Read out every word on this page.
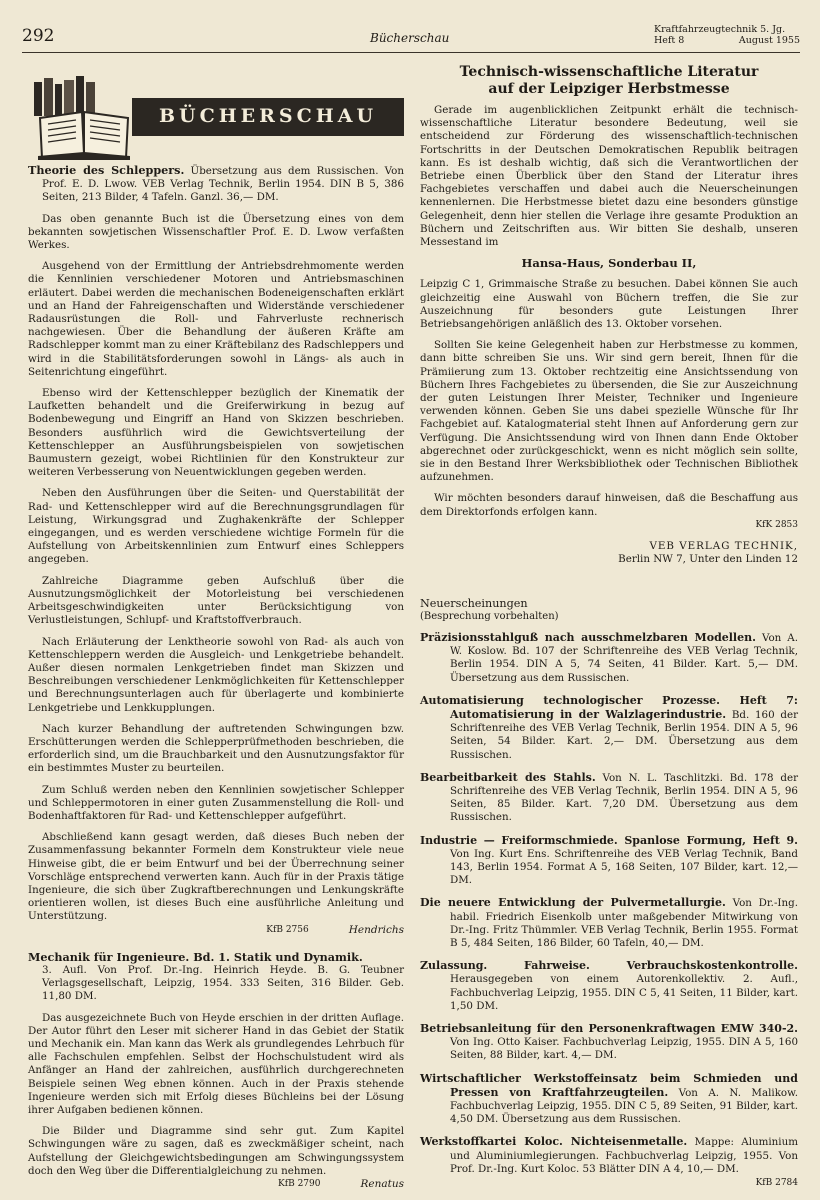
292	Bücherschau
Kraftfahrzeugtechnik 5. Jg.
Heft 8	August 1955
BÜCHERSCHAU

Theorie des Schleppers. Übersetzung aus dem Russischen. Von Prof. E. D. Lwow. VEB Verlag Technik, Berlin 1954. DIN B 5, 386 Seiten, 213 Bilder, 4 Tafeln. Ganzl. 36,— DM.

Das oben genannte Buch ist die Übersetzung eines von dem bekannten sowjetischen Wissenschaftler Prof. E. D. Lwow verfaßten Werkes.

Ausgehend von der Ermittlung der Antriebsdrehmomente werden die Kennlinien verschiedener Motoren und Antriebsmaschinen erläutert. Dabei werden die mechanischen Bodeneigenschaften erklärt und an Hand der Fahreigenschaften und Widerstände verschiedener Radausrüstungen die Roll- und Fahrverluste rechnerisch nachgewiesen. Über die Behandlung der äußeren Kräfte am Radschlepper kommt man zu einer Kräftebilanz des Radschleppers und wird in die Stabilitätsforderungen sowohl in Längs- als auch in Seitenrichtung eingeführt.

Ebenso wird der Kettenschlepper bezüglich der Kinematik der Laufketten behandelt und die Greiferwirkung in bezug auf Bodenbewegung und Eingriff an Hand von Skizzen beschrieben. Besonders ausführlich wird die Gewichtsverteilung der Kettenschlepper an Ausführungsbeispielen von sowjetischen Baumustern gezeigt, wobei Richtlinien für den Konstrukteur zur weiteren Verbesserung von Neuentwicklungen gegeben werden.

Neben den Ausführungen über die Seiten- und Querstabilität der Rad- und Kettenschlepper wird auf die Berechnungsgrundlagen für Leistung, Wirkungsgrad und Zughakenkräfte der Schlepper eingegangen, und es werden verschiedene wichtige Formeln für die Aufstellung von Arbeitskennlinien zum Entwurf eines Schleppers angegeben.

Zahlreiche Diagramme geben Aufschluß über die Ausnutzungsmöglichkeit der Motorleistung bei verschiedenen Arbeitsgeschwindigkeiten unter Berücksichtigung von Verlustleistungen, Schlupf- und Kraftstoffverbrauch.

Nach Erläuterung der Lenktheorie sowohl von Rad- als auch von Kettenschleppern werden die Ausgleich- und Lenkgetriebe behandelt. Außer diesen normalen Lenkgetrieben findet man Skizzen und Beschreibungen verschiedener Lenkmöglichkeiten für Kettenschlepper und Berechnungsunterlagen auch für überlagerte und kombinierte Lenkgetriebe und Lenkkupplungen.

Nach kurzer Behandlung der auftretenden Schwingungen bzw. Erschütterungen werden die Schlepperprüfmethoden beschrieben, die erforderlich sind, um die Brauchbarkeit und den Ausnutzungsfaktor für ein bestimmtes Muster zu beurteilen.

Zum Schluß werden neben den Kennlinien sowjetischer Schlepper und Schleppermotoren in einer guten Zusammenstellung die Roll- und Bodenhaftfaktoren für Rad- und Kettenschlepper aufgeführt.

Abschließend kann gesagt werden, daß dieses Buch neben der Zusammenfassung bekannter Formeln dem Konstrukteur viele neue Hinweise gibt, die er beim Entwurf und bei der Überrechnung seiner Vorschläge entsprechend verwerten kann. Auch für in der Praxis tätige Ingenieure, die sich über Zugkraftberechnungen und Lenkungskräfte orientieren wollen, ist dieses Buch eine ausführliche Anleitung und Unterstützung.

KfB 2756	Hendrichs

Mechanik für Ingenieure. Bd. 1. Statik und Dynamik.

3. Aufl. Von Prof. Dr.-Ing. Heinrich Heyde. B. G. Teubner Verlagsgesellschaft, Leipzig, 1954. 333 Seiten, 316 Bilder. Geb. 11,80 DM.

Das ausgezeichnete Buch von Heyde erschien in der dritten Auflage. Der Autor führt den Leser mit sicherer Hand in das Gebiet der Statik und Mechanik ein. Man kann das Werk als grundlegendes Lehrbuch für alle Fachschulen empfehlen. Selbst der Hochschulstudent wird als Anfänger an Hand der zahlreichen, ausführlich durchgerechneten Beispiele seinen Weg ebnen können. Auch in der Praxis stehende Ingenieure werden sich mit Erfolg dieses Büchleins bei der Lösung ihrer Aufgaben bedienen können.

Die Bilder und Diagramme sind sehr gut. Zum Kapitel Schwingungen wäre zu sagen, daß es zweckmäßiger scheint, nach Aufstellung der Gleichgewichtsbedingungen am Schwingungssystem doch den Weg über die Differentialgleichung zu nehmen.

KfB 2790	Renatus
Technisch-wissenschaftliche Literatur
auf der Leipziger Herbstmesse

Gerade im augenblicklichen Zeitpunkt erhält die technisch-wissenschaftliche Literatur besondere Bedeutung, weil sie entscheidend zur Förderung des wissenschaftlich-technischen Fortschritts in der Deutschen Demokratischen Republik beitragen kann. Es ist deshalb wichtig, daß sich die Verantwortlichen der Betriebe einen Überblick über den Stand der Literatur ihres Fachgebietes verschaffen und dabei auch die Neuerscheinungen kennenlernen. Die Herbstmesse bietet dazu eine besonders günstige Gelegenheit, denn hier stellen die Verlage ihre gesamte Produktion an Büchern und Zeitschriften aus. Wir bitten Sie deshalb, unseren Messestand im

Hansa-Haus, Sonderbau II,

Leipzig C 1, Grimmaische Straße zu besuchen. Dabei können Sie auch gleichzeitig eine Auswahl von Büchern treffen, die Sie zur Auszeichnung für besonders gute Leistungen Ihrer Betriebsangehörigen anläßlich des 13. Oktober vorsehen.

Sollten Sie keine Gelegenheit haben zur Herbstmesse zu kommen, dann bitte schreiben Sie uns. Wir sind gern bereit, Ihnen für die Prämiierung zum 13. Oktober rechtzeitig eine Ansichtssendung von Büchern Ihres Fachgebietes zu übersenden, die Sie zur Auszeichnung der guten Leistungen Ihrer Meister, Techniker und Ingenieure verwenden können. Geben Sie uns dabei spezielle Wünsche für Ihr Fachgebiet auf. Katalogmaterial steht Ihnen auf Anforderung gern zur Verfügung. Die Ansichtssendung wird von Ihnen dann Ende Oktober abgerechnet oder zurückgeschickt, wenn es nicht möglich sein sollte, sie in den Bestand Ihrer Werksbibliothek oder Technischen Bibliothek aufzunehmen.

Wir möchten besonders darauf hinweisen, daß die Beschaffung aus dem Direktorfonds erfolgen kann.

KfK 2853

VEB VERLAG TECHNIK,

Berlin NW 7, Unter den Linden 12

Neuerscheinungen

(Besprechung vorbehalten)

Präzisionsstahlguß nach ausschmelzbaren Modellen. Von A. W. Koslow. Bd. 107 der Schriftenreihe des VEB Verlag Technik, Berlin 1954. DIN A 5, 74 Seiten, 41 Bilder. Kart. 5,— DM. Übersetzung aus dem Russischen.

Automatisierung technologischer Prozesse. Heft 7: Automatisierung in der Walzlagerindustrie. Bd. 160 der Schriftenreihe des VEB Verlag Technik, Berlin 1954. DIN A 5, 96 Seiten, 54 Bilder. Kart. 2,— DM. Übersetzung aus dem Russischen.

Bearbeitbarkeit des Stahls. Von N. L. Taschlitzki. Bd. 178 der Schriftenreihe des VEB Verlag Technik, Berlin 1954. DIN A 5, 96 Seiten, 85 Bilder. Kart. 7,20 DM. Übersetzung aus dem Russischen.

Industrie — Freiformschmiede. Spanlose Formung, Heft 9. Von Ing. Kurt Ens. Schriftenreihe des VEB Verlag Technik, Band 143, Berlin 1954. Format A 5, 168 Seiten, 107 Bilder, kart. 12,— DM.

Die neuere Entwicklung der Pulvermetallurgie. Von Dr.-Ing. habil. Friedrich Eisenkolb unter maßgebender Mitwirkung von Dr.-Ing. Fritz Thümmler. VEB Verlag Technik, Berlin 1955. Format B 5, 484 Seiten, 186 Bilder, 60 Tafeln, 40,— DM.

Zulassung. Fahrweise. Verbrauchskostenkontrolle. Herausgegeben von einem Autorenkollektiv. 2. Aufl., Fachbuchverlag Leipzig, 1955. DIN C 5, 41 Seiten, 11 Bilder, kart. 1,50 DM.

Betriebsanleitung für den Personenkraftwagen EMW 340-2. Von Ing. Otto Kaiser. Fachbuchverlag Leipzig, 1955. DIN A 5, 160 Seiten, 88 Bilder, kart. 4,— DM.

Wirtschaftlicher Werkstoffeinsatz beim Schmieden und Pressen von Kraftfahrzeugteilen. Von A. N. Malikow. Fachbuchverlag Leipzig, 1955. DIN C 5, 89 Seiten, 91 Bilder, kart. 4,50 DM. Übersetzung aus dem Russischen.

Werkstoffkartei Koloc. Nichteisenmetalle. Mappe: Aluminium und Aluminiumlegierungen. Fachbuchverlag Leipzig, 1955. Von Prof. Dr.-Ing. Kurt Koloc. 53 Blätter DIN A 4, 10,— DM.

KfB 2784
